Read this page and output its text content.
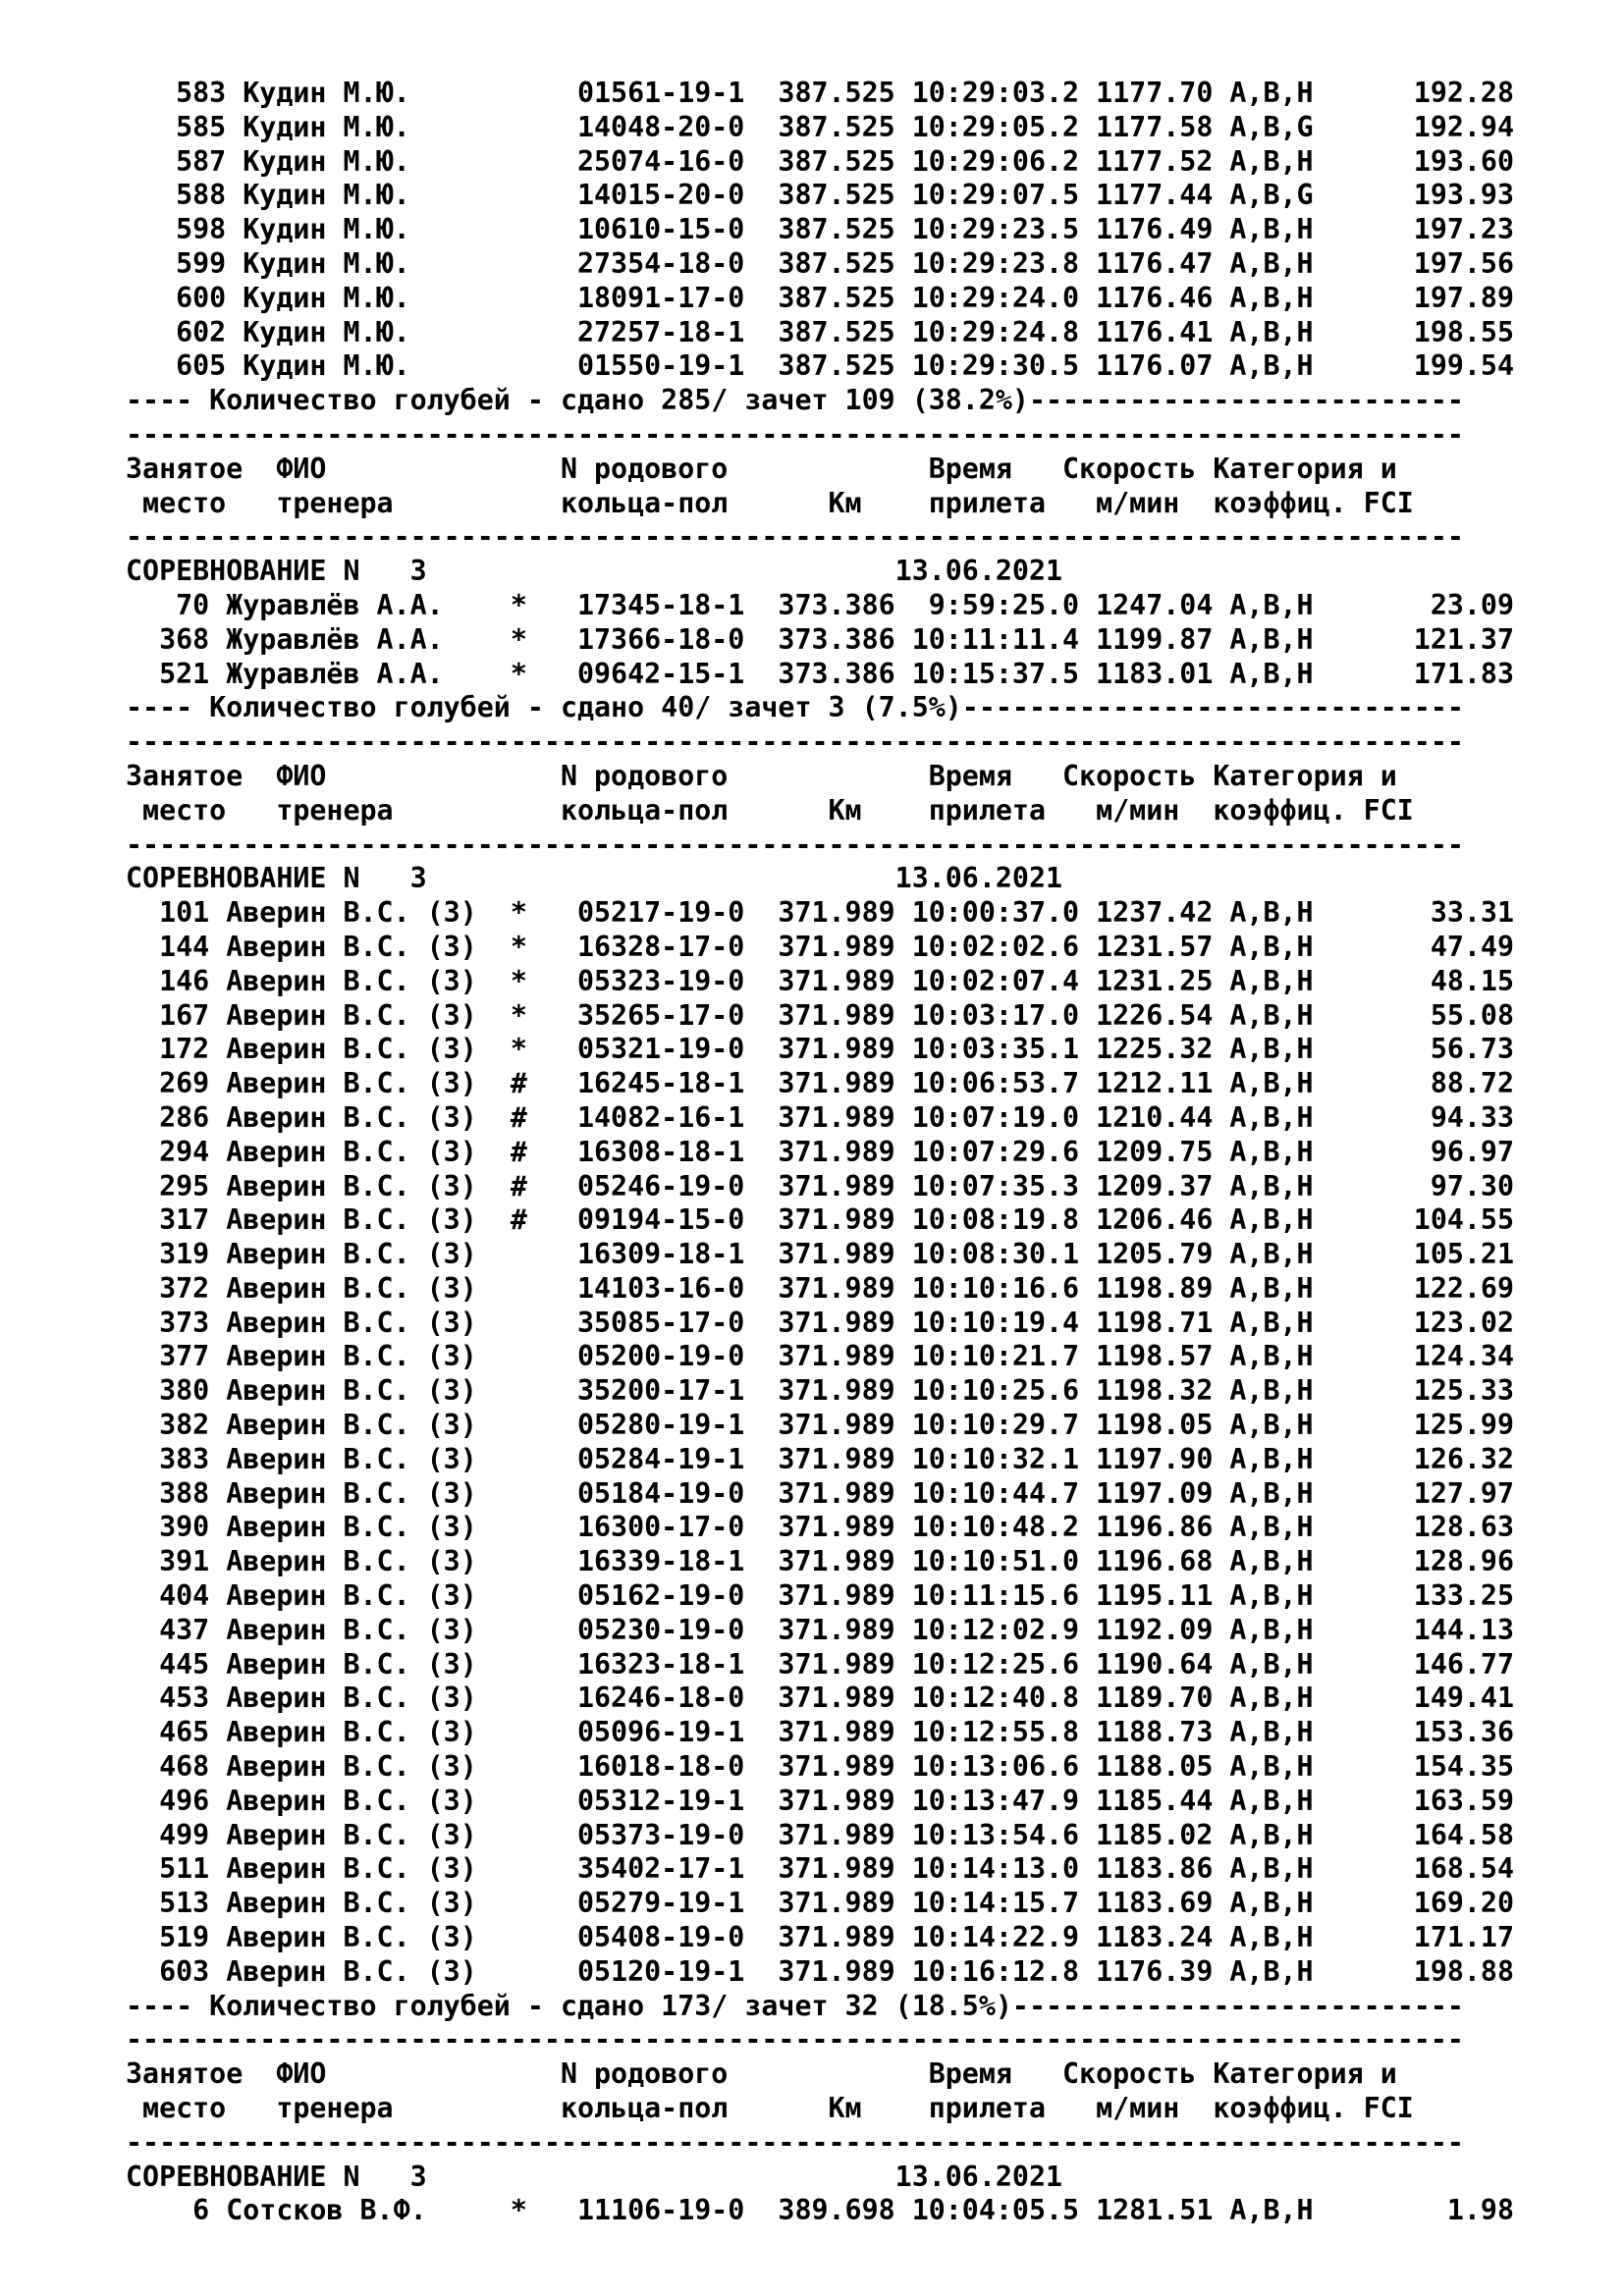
583 Кудин М.Ю.          01561-19-1  387.525 10:29:03.2 1177.70 A,B,H      192.28
585 Кудин М.Ю.          14048-20-0  387.525 10:29:05.2 1177.58 A,B,G      192.94
587 Кудин М.Ю.          25074-16-0  387.525 10:29:06.2 1177.52 A,B,H      193.60
588 Кудин М.Ю.          14015-20-0  387.525 10:29:07.5 1177.44 A,B,G      193.93
598 Кудин М.Ю.          10610-15-0  387.525 10:29:23.5 1176.49 A,B,H      197.23
599 Кудин М.Ю.          27354-18-0  387.525 10:29:23.8 1176.47 A,B,H      197.56
600 Кудин М.Ю.          18091-17-0  387.525 10:29:24.0 1176.46 A,B,H      197.89
602 Кудин М.Ю.          27257-18-1  387.525 10:29:24.8 1176.41 A,B,H      198.55
605 Кудин М.Ю.          01550-19-1  387.525 10:29:30.5 1176.07 A,B,H      199.54
---- Количество голубей - сдано 285/ зачет 109 (38.2%)--------------------------
--------------------------------------------------------------------------------
Занятое  ФИО              N родового            Время   Скорость Категория и
место   тренера          кольца-пол      Км    прилета   м/мин  коэффиц. FCI
--------------------------------------------------------------------------------
СОРЕВНОВАНИЕ N   3                            13.06.2021
70 Журавлёв А.А.    *   17345-18-1  373.386  9:59:25.0 1247.04 A,B,H       23.09
368 Журавлёв А.А.    *   17366-18-0  373.386 10:11:11.4 1199.87 A,B,H      121.37
521 Журавлёв А.А.    *   09642-15-1  373.386 10:15:37.5 1183.01 A,B,H      171.83
---- Количество голубей - сдано 40/ зачет 3 (7.5%)------------------------------
--------------------------------------------------------------------------------
Занятое  ФИО              N родового            Время   Скорость Категория и
место   тренера          кольца-пол      Км    прилета   м/мин  коэффиц. FCI
--------------------------------------------------------------------------------
СОРЕВНОВАНИЕ N   3                            13.06.2021
101 Аверин В.С. (З)  *   05217-19-0  371.989 10:00:37.0 1237.42 A,B,H       33.31
144 Аверин В.С. (З)  *   16328-17-0  371.989 10:02:02.6 1231.57 A,B,H       47.49
146 Аверин В.С. (З)  *   05323-19-0  371.989 10:02:07.4 1231.25 A,B,H       48.15
167 Аверин В.С. (З)  *   35265-17-0  371.989 10:03:17.0 1226.54 A,B,H       55.08
172 Аверин В.С. (З)  *   05321-19-0  371.989 10:03:35.1 1225.32 A,B,H       56.73
269 Аверин В.С. (З)  #   16245-18-1  371.989 10:06:53.7 1212.11 A,B,H       88.72
286 Аверин В.С. (З)  #   14082-16-1  371.989 10:07:19.0 1210.44 A,B,H       94.33
294 Аверин В.С. (З)  #   16308-18-1  371.989 10:07:29.6 1209.75 A,B,H       96.97
295 Аверин В.С. (З)  #   05246-19-0  371.989 10:07:35.3 1209.37 A,B,H       97.30
317 Аверин В.С. (З)  #   09194-15-0  371.989 10:08:19.8 1206.46 A,B,H      104.55
319 Аверин В.С. (З)      16309-18-1  371.989 10:08:30.1 1205.79 A,B,H      105.21
372 Аверин В.С. (З)      14103-16-0  371.989 10:10:16.6 1198.89 A,B,H      122.69
373 Аверин В.С. (З)      35085-17-0  371.989 10:10:19.4 1198.71 A,B,H      123.02
377 Аверин В.С. (З)      05200-19-0  371.989 10:10:21.7 1198.57 A,B,H      124.34
380 Аверин В.С. (З)      35200-17-1  371.989 10:10:25.6 1198.32 A,B,H      125.33
382 Аверин В.С. (З)      05280-19-1  371.989 10:10:29.7 1198.05 A,B,H      125.99
383 Аверин В.С. (З)      05284-19-1  371.989 10:10:32.1 1197.90 A,B,H      126.32
388 Аверин В.С. (З)      05184-19-0  371.989 10:10:44.7 1197.09 A,B,H      127.97
390 Аверин В.С. (З)      16300-17-0  371.989 10:10:48.2 1196.86 A,B,H      128.63
391 Аверин В.С. (З)      16339-18-1  371.989 10:10:51.0 1196.68 A,B,H      128.96
404 Аверин В.С. (З)      05162-19-0  371.989 10:11:15.6 1195.11 A,B,H      133.25
437 Аверин В.С. (З)      05230-19-0  371.989 10:12:02.9 1192.09 A,B,H      144.13
445 Аверин В.С. (З)      16323-18-1  371.989 10:12:25.6 1190.64 A,B,H      146.77
453 Аверин В.С. (З)      16246-18-0  371.989 10:12:40.8 1189.70 A,B,H      149.41
465 Аверин В.С. (З)      05096-19-1  371.989 10:12:55.8 1188.73 A,B,H      153.36
468 Аверин В.С. (З)      16018-18-0  371.989 10:13:06.6 1188.05 A,B,H      154.35
496 Аверин В.С. (З)      05312-19-1  371.989 10:13:47.9 1185.44 A,B,H      163.59
499 Аверин В.С. (З)      05373-19-0  371.989 10:13:54.6 1185.02 A,B,H      164.58
511 Аверин В.С. (З)      35402-17-1  371.989 10:14:13.0 1183.86 A,B,H      168.54
513 Аверин В.С. (З)      05279-19-1  371.989 10:14:15.7 1183.69 A,B,H      169.20
519 Аверин В.С. (З)      05408-19-0  371.989 10:14:22.9 1183.24 A,B,H      171.17
603 Аверин В.С. (З)      05120-19-1  371.989 10:16:12.8 1176.39 A,B,H      198.88
---- Количество голубей - сдано 173/ зачет 32 (18.5%)---------------------------
--------------------------------------------------------------------------------
Занятое  ФИО              N родового            Время   Скорость Категория и
место   тренера          кольца-пол      Км    прилета   м/мин  коэффиц. FCI
--------------------------------------------------------------------------------
СОРЕВНОВАНИЕ N   3                            13.06.2021
6 Сотсков В.Ф.     *   11106-19-0  389.698 10:04:05.5 1281.51 A,B,H        1.98
